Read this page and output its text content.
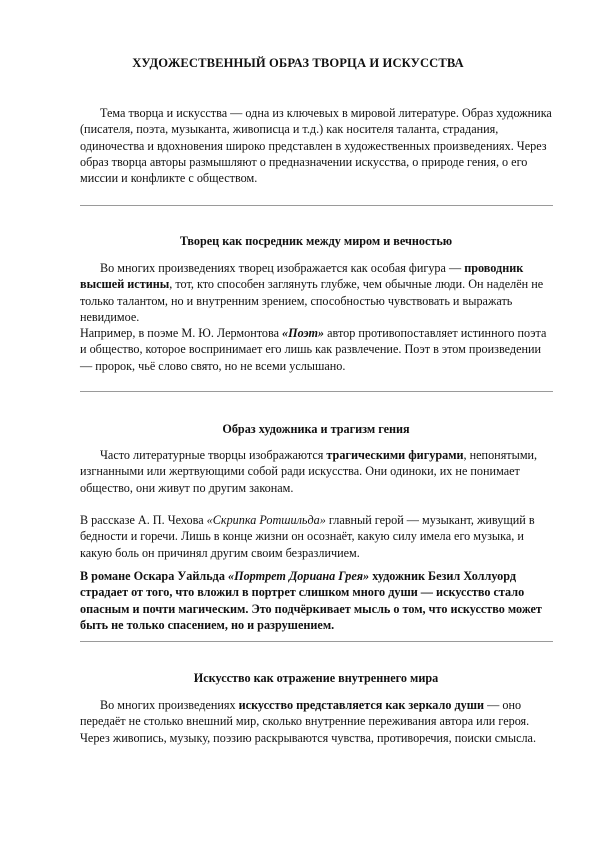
ХУДОЖЕСТВЕННЫЙ ОБРАЗ ТВОРЦА И ИСКУССТВА

Тема творца и искусства — одна из ключевых в мировой литературе. Образ художника (писателя, поэта, музыканта, живописца и т.д.) как носителя таланта, страдания, одиночества и вдохновения широко представлен в художественных произведениях. Через образ творца авторы размышляют о предназначении искусства, о природе гения, о его миссии и конфликте с обществом.

Творец как посредник между миром и вечностью

Во многих произведениях творец изображается как особая фигура — проводник высшей истины, тот, кто способен заглянуть глубже, чем обычные люди. Он наделён не только талантом, но и внутренним зрением, способностью чувствовать и выражать невидимое.

Например, в поэме М. Ю. Лермонтова «Поэт» автор противопоставляет истинного поэта и общество, которое воспринимает его лишь как развлечение. Поэт в этом произведении — пророк, чьё слово свято, но не всеми услышано.

Образ художника и трагизм гения

Часто литературные творцы изображаются трагическими фигурами, непонятыми, изгнанными или жертвующими собой ради искусства. Они одиноки, их не понимает общество, они живут по другим законам.

В рассказе А. П. Чехова «Скрипка Ротшильда» главный герой — музыкант, живущий в бедности и горечи. Лишь в конце жизни он осознаёт, какую силу имела его музыка, и какую боль он причинял другим своим безразличием.

В романе Оскара Уайльда «Портрет Дориана Грея» художник Безил Холлуорд страдает от того, что вложил в портрет слишком много души — искусство стало опасным и почти магическим. Это подчёркивает мысль о том, что искусство может быть не только спасением, но и разрушением.

Искусство как отражение внутреннего мира

Во многих произведениях искусство представляется как зеркало души — оно передаёт не столько внешний мир, сколько внутренние переживания автора или героя. Через живопись, музыку, поэзию раскрываются чувства, противоречия, поиски смысла.
